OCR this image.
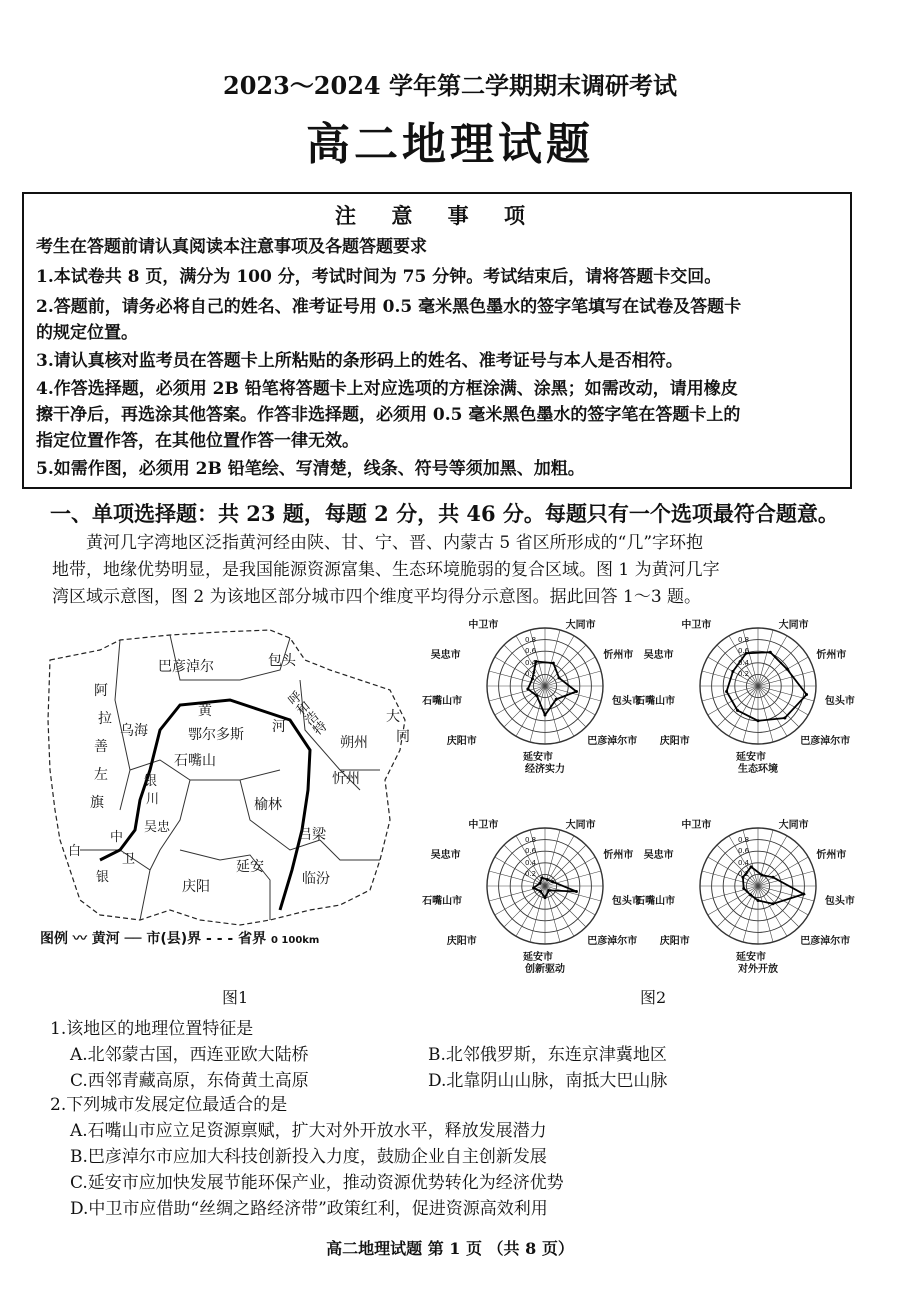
2023～2024 学年第二学期期末调研考试
高二地理试题
注 意 事 项
考生在答题前请认真阅读本注意事项及各题答题要求
1.本试卷共 8 页，满分为 100 分，考试时间为 75 分钟。考试结束后，请将答题卡交回。
2.答题前，请务必将自己的姓名、准考证号用 0.5 毫米黑色墨水的签字笔填写在试卷及答题卡
的规定位置。
3.请认真核对监考员在答题卡上所粘贴的条形码上的姓名、准考证号与本人是否相符。
4.作答选择题，必须用 2B 铅笔将答题卡上对应选项的方框涂满、涂黑；如需改动，请用橡皮
擦干净后，再选涂其他答案。作答非选择题，必须用 0.5 毫米黑色墨水的签字笔在答题卡上的
指定位置作答，在其他位置作答一律无效。
5.如需作图，必须用 2B 铅笔绘、写清楚，线条、符号等须加黑、加粗。
一、单项选择题：共 23 题，每题 2 分，共 46 分。每题只有一个选项最符合题意。
黄河几字湾地区泛指黄河经由陕、甘、宁、晋、内蒙古 5 省区所形成的“几”字环抱
地带，地缘优势明显，是我国能源资源富集、生态环境脆弱的复合区域。图 1 为黄河几字
湾区域示意图，图 2 为该地区部分城市四个维度平均得分示意图。据此回答 1～3 题。
巴彦淖尔	包头
阿
拉
善
左
旗
呼和浩特	大
同
乌海	鄂尔多斯
石嘴山
银
川
朔州
忻州
榆林
吴忠
中
卫
白
银
吕梁
延安
庆阳	临汾
黄
河
图例 〰 黄河 ── 市(县)界 - - - 省界 0 100km
图1
中卫市	大同市
忻州市
包头市
巴彦淖尔市
延安市
庆阳市
石嘴山市
吴忠市
0.2
0.4
0.6
0.8
经济实力
中卫市	大同市
忻州市
包头市
巴彦淖尔市
延安市
庆阳市
石嘴山市
吴忠市
0.2
0.4
0.6
0.8
生态环境
中卫市	大同市
忻州市
包头市
巴彦淖尔市
延安市
庆阳市
石嘴山市
吴忠市
0.2
0.4
0.6
0.8
创新驱动
中卫市	大同市
忻州市
包头市
巴彦淖尔市
延安市
庆阳市
石嘴山市
吴忠市
0.2
0.4
0.6
0.8
对外开放
图2
1.该地区的地理位置特征是
A.北邻蒙古国，西连亚欧大陆桥	B.北邻俄罗斯，东连京津冀地区
C.西邻青藏高原，东倚黄土高原	D.北靠阴山山脉，南抵大巴山脉
2.下列城市发展定位最适合的是
A.石嘴山市应立足资源禀赋，扩大对外开放水平，释放发展潜力
B.巴彦淖尔市应加大科技创新投入力度，鼓励企业自主创新发展
C.延安市应加快发展节能环保产业，推动资源优势转化为经济优势
D.中卫市应借助“丝绸之路经济带”政策红利，促进资源高效利用
高二地理试题 第 1 页 （共 8 页）
